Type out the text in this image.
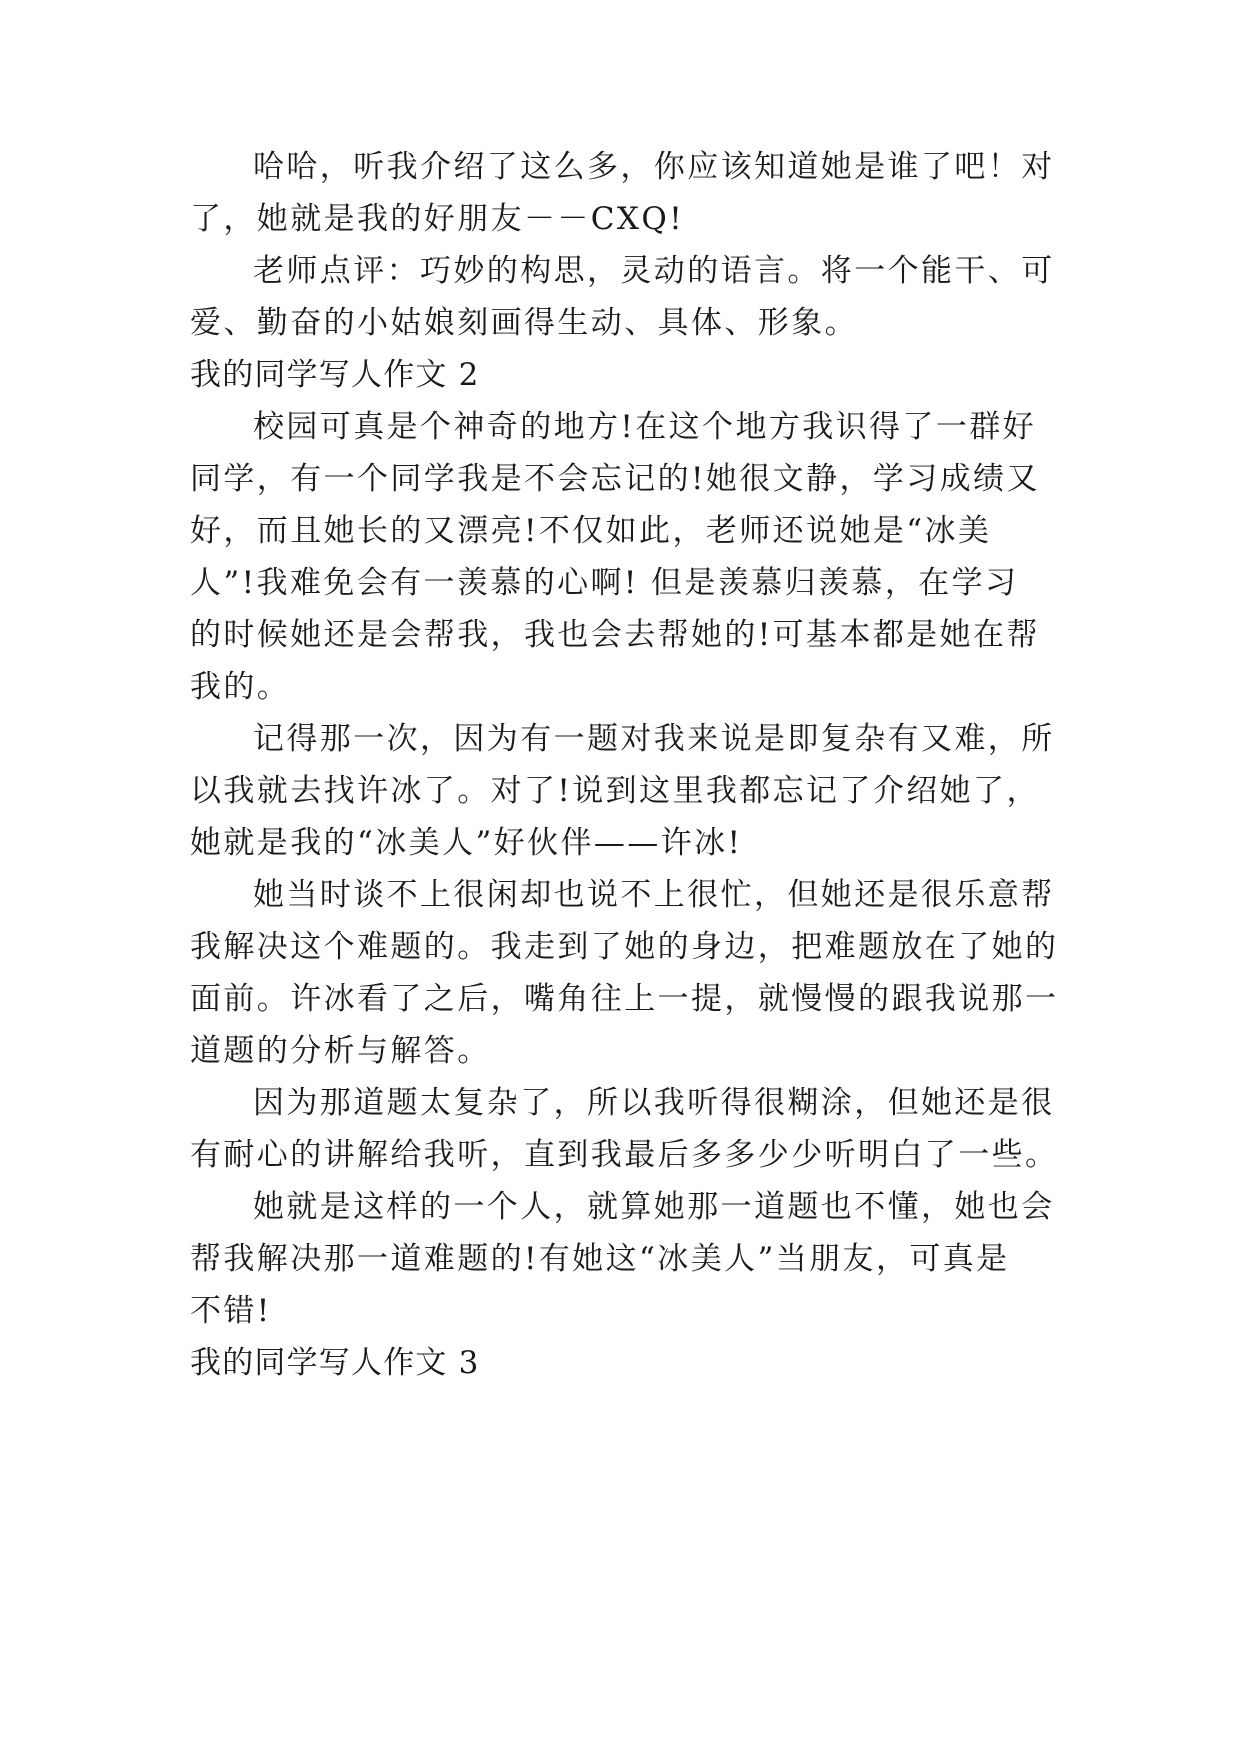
哈哈，听我介绍了这么多，你应该知道她是谁了吧！对
了，她就是我的好朋友－－CXQ!
老师点评：巧妙的构思，灵动的语言。将一个能干、可
爱、勤奋的小姑娘刻画得生动、具体、形象。
我的同学写人作文 2
校园可真是个神奇的地方!在这个地方我识得了一群好
同学，有一个同学我是不会忘记的!她很文静，学习成绩又
好，而且她长的又漂亮!不仅如此，老师还说她是“冰美
人”!我难免会有一羡慕的心啊! 但是羡慕归羡慕，在学习
的时候她还是会帮我，我也会去帮她的!可基本都是她在帮
我的。
记得那一次，因为有一题对我来说是即复杂有又难，所
以我就去找许冰了。对了!说到这里我都忘记了介绍她了，
她就是我的“冰美人”好伙伴——许冰!
她当时谈不上很闲却也说不上很忙，但她还是很乐意帮
我解决这个难题的。我走到了她的身边，把难题放在了她的
面前。许冰看了之后，嘴角往上一提，就慢慢的跟我说那一
道题的分析与解答。
因为那道题太复杂了，所以我听得很糊涂，但她还是很
有耐心的讲解给我听，直到我最后多多少少听明白了一些。
她就是这样的一个人，就算她那一道题也不懂，她也会
帮我解决那一道难题的!有她这“冰美人”当朋友，可真是
不错!
我的同学写人作文 3
